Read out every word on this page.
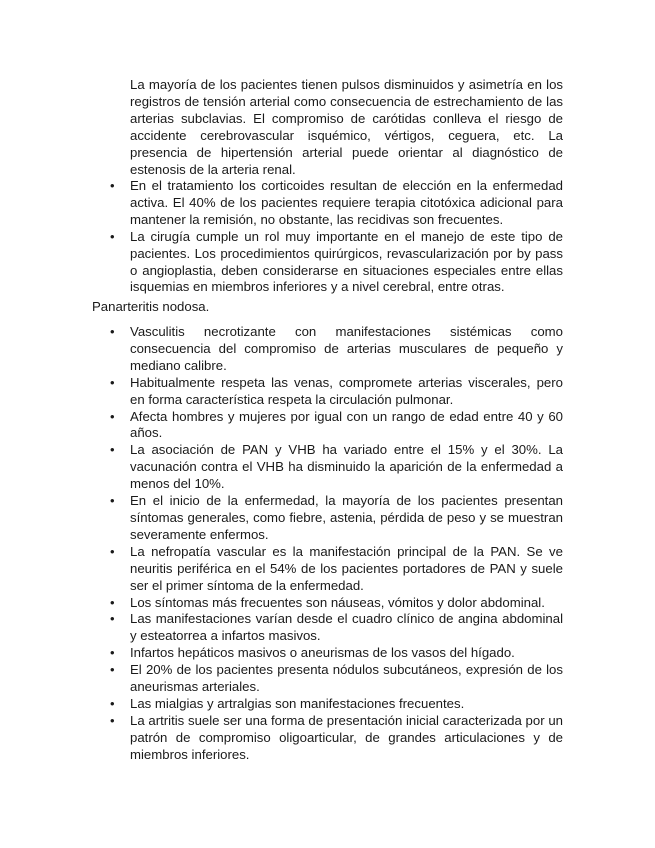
La mayoría de los pacientes tienen pulsos disminuidos y asimetría en los registros de tensión arterial como consecuencia de estrechamiento de las arterias subclavias. El compromiso de carótidas conlleva el riesgo de accidente cerebrovascular isquémico, vértigos, ceguera, etc. La presencia de hipertensión arterial puede orientar al diagnóstico de estenosis de la arteria renal.

• En el tratamiento los corticoides resultan de elección en la enfermedad activa. El 40% de los pacientes requiere terapia citotóxica adicional para mantener la remisión, no obstante, las recidivas son frecuentes.
• La cirugía cumple un rol muy importante en el manejo de este tipo de pacientes. Los procedimientos quirúrgicos, revascularización por by pass o angioplastia, deben considerarse en situaciones especiales entre ellas isquemias en miembros inferiores y a nivel cerebral, entre otras.
Panarteritis nodosa.
• Vasculitis necrotizante con manifestaciones sistémicas como consecuencia del compromiso de arterias musculares de pequeño y mediano calibre.
• Habitualmente respeta las venas, compromete arterias viscerales, pero en forma característica respeta la circulación pulmonar.
• Afecta hombres y mujeres por igual con un rango de edad entre 40 y 60 años.
• La asociación de PAN y VHB ha variado entre el 15% y el 30%. La vacunación contra el VHB ha disminuido la aparición de la enfermedad a menos del 10%.
• En el inicio de la enfermedad, la mayoría de los pacientes presentan síntomas generales, como fiebre, astenia, pérdida de peso y se muestran severamente enfermos.
• La nefropatía vascular es la manifestación principal de la PAN. Se ve neuritis periférica en el 54% de los pacientes portadores de PAN y suele ser el primer síntoma de la enfermedad.
• Los síntomas más frecuentes son náuseas, vómitos y dolor abdominal.
• Las manifestaciones varían desde el cuadro clínico de angina abdominal y esteatorrea a infartos masivos.
• Infartos hepáticos masivos o aneurismas de los vasos del hígado.
• El 20% de los pacientes presenta nódulos subcutáneos, expresión de los aneurismas arteriales.
• Las mialgias y artralgias son manifestaciones frecuentes.
• La artritis suele ser una forma de presentación inicial caracterizada por un patrón de compromiso oligoarticular, de grandes articulaciones y de miembros inferiores.
